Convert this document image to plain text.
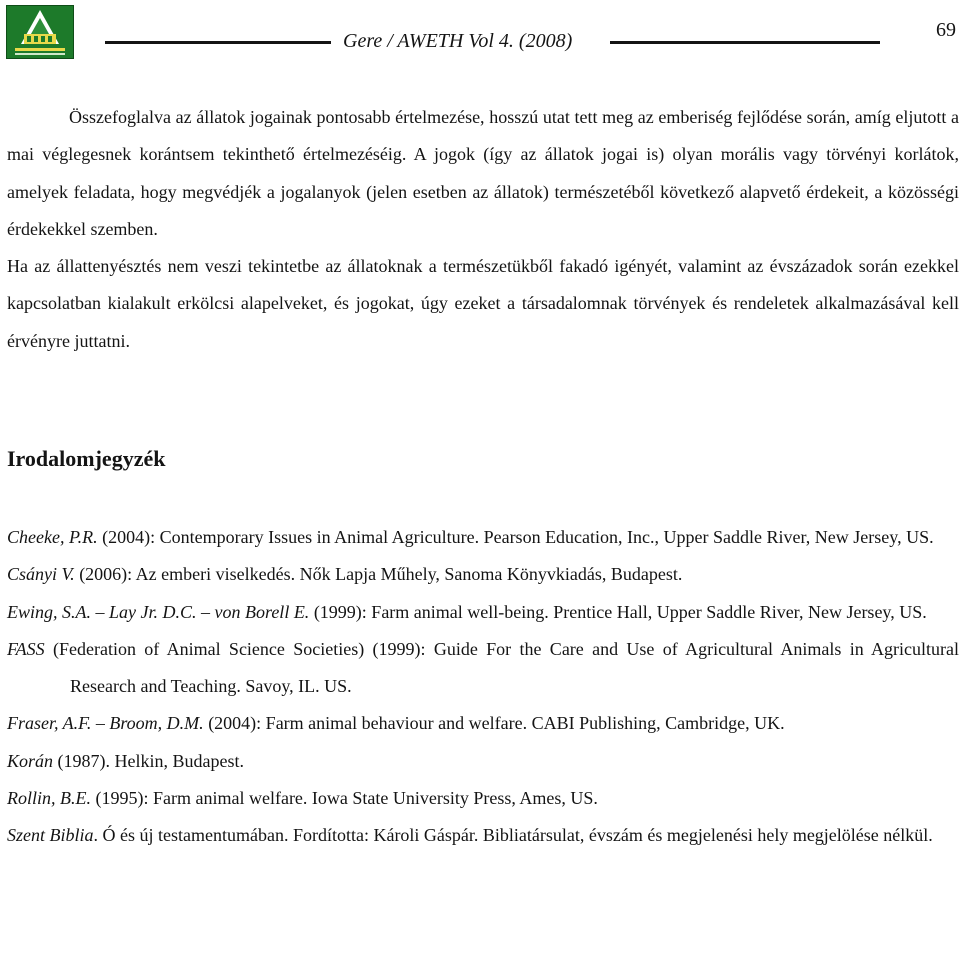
Gere / AWETH Vol 4. (2008)	69

Összefoglalva az állatok jogainak pontosabb értelmezése, hosszú utat tett meg az emberiség fejlődése során, amíg eljutott a mai véglegesnek korántsem tekinthető értelmezéséig. A jogok (így az állatok jogai is) olyan morális vagy törvényi korlátok, amelyek feladata, hogy megvédjék a jogalanyok (jelen esetben az állatok) természetéből következő alapvető érdekeit, a közösségi érdekekkel szemben.

Ha az állattenyésztés nem veszi tekintetbe az állatoknak a természetükből fakadó igényét, valamint az évszázadok során ezekkel kapcsolatban kialakult erkölcsi alapelveket, és jogokat, úgy ezeket a társadalomnak törvények és rendeletek alkalmazásával kell érvényre juttatni.

Irodalomjegyzék

Cheeke, P.R. (2004): Contemporary Issues in Animal Agriculture. Pearson Education, Inc., Upper Saddle River, New Jersey, US.

Csányi V. (2006): Az emberi viselkedés. Nők Lapja Műhely, Sanoma Könyvkiadás, Budapest.

Ewing, S.A. – Lay Jr. D.C. – von Borell E. (1999): Farm animal well-being. Prentice Hall, Upper Saddle River, New Jersey, US.

FASS (Federation of Animal Science Societies) (1999): Guide For the Care and Use of Agricultural Animals in Agricultural Research and Teaching. Savoy, IL. US.

Fraser, A.F. – Broom, D.M. (2004): Farm animal behaviour and welfare. CABI Publishing, Cambridge, UK.

Korán (1987). Helkin, Budapest.

Rollin, B.E. (1995): Farm animal welfare. Iowa State University Press, Ames, US.

Szent Biblia. Ó és új testamentumában. Fordította: Károli Gáspár. Bibliatársulat, évszám és megjelenési hely megjelölése nélkül.
